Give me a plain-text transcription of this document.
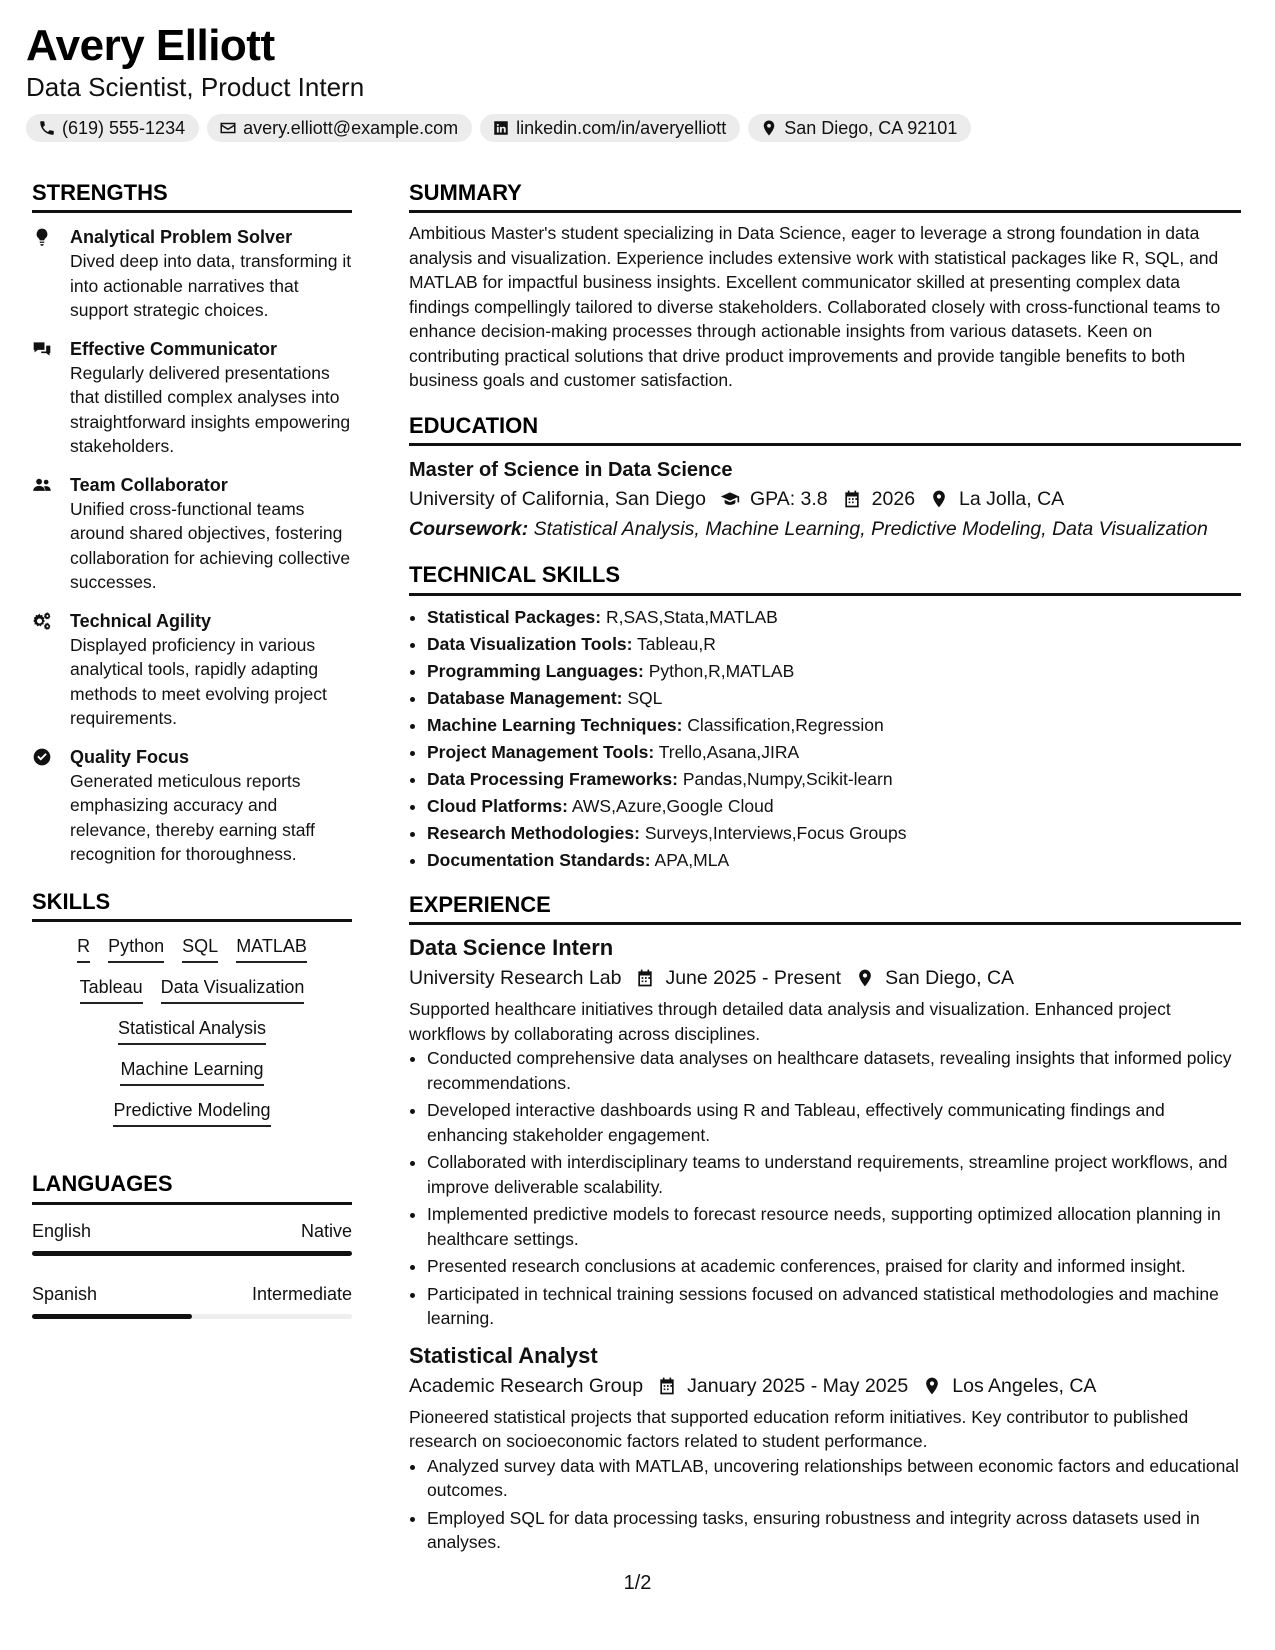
Avery Elliott
Data Scientist, Product Intern
(619) 555-1234	avery.elliott@example.com	linkedin.com/in/averyelliott	San Diego, CA 92101
STRENGTHS
Analytical Problem Solver
Dived deep into data, transforming it into actionable narratives that support strategic choices.
Effective Communicator
Regularly delivered presentations that distilled complex analyses into straightforward insights empowering stakeholders.
Team Collaborator
Unified cross-functional teams around shared objectives, fostering collaboration for achieving collective successes.
Technical Agility
Displayed proficiency in various analytical tools, rapidly adapting methods to meet evolving project requirements.
Quality Focus
Generated meticulous reports emphasizing accuracy and relevance, thereby earning staff recognition for thoroughness.
SKILLS
R Python SQL MATLAB
Tableau Data Visualization
Statistical Analysis
Machine Learning
Predictive Modeling
LANGUAGES
English	Native
Spanish	Intermediate
SUMMARY
Ambitious Master's student specializing in Data Science, eager to leverage a strong foundation in data analysis and visualization. Experience includes extensive work with statistical packages like R, SQL, and MATLAB for impactful business insights. Excellent communicator skilled at presenting complex data findings compellingly tailored to diverse stakeholders. Collaborated closely with cross-functional teams to enhance decision-making processes through actionable insights from various datasets. Keen on contributing practical solutions that drive product improvements and provide tangible benefits to both business goals and customer satisfaction.
EDUCATION
Master of Science in Data Science
University of California, San Diego GPA: 3.8 2026 La Jolla, CA
Coursework: Statistical Analysis, Machine Learning, Predictive Modeling, Data Visualization
TECHNICAL SKILLS
• Statistical Packages: R,SAS,Stata,MATLAB
• Data Visualization Tools: Tableau,R
• Programming Languages: Python,R,MATLAB
• Database Management: SQL
• Machine Learning Techniques: Classification,Regression
• Project Management Tools: Trello,Asana,JIRA
• Data Processing Frameworks: Pandas,Numpy,Scikit-learn
• Cloud Platforms: AWS,Azure,Google Cloud
• Research Methodologies: Surveys,Interviews,Focus Groups
• Documentation Standards: APA,MLA
EXPERIENCE
Data Science Intern
University Research Lab June 2025 - Present San Diego, CA
Supported healthcare initiatives through detailed data analysis and visualization. Enhanced project workflows by collaborating across disciplines.
• Conducted comprehensive data analyses on healthcare datasets, revealing insights that informed policy recommendations.
• Developed interactive dashboards using R and Tableau, effectively communicating findings and enhancing stakeholder engagement.
• Collaborated with interdisciplinary teams to understand requirements, streamline project workflows, and improve deliverable scalability.
• Implemented predictive models to forecast resource needs, supporting optimized allocation planning in healthcare settings.
• Presented research conclusions at academic conferences, praised for clarity and informed insight.
• Participated in technical training sessions focused on advanced statistical methodologies and machine learning.
Statistical Analyst
Academic Research Group January 2025 - May 2025 Los Angeles, CA
Pioneered statistical projects that supported education reform initiatives. Key contributor to published research on socioeconomic factors related to student performance.
• Analyzed survey data with MATLAB, uncovering relationships between economic factors and educational outcomes.
• Employed SQL for data processing tasks, ensuring robustness and integrity across datasets used in analyses.
1/2
